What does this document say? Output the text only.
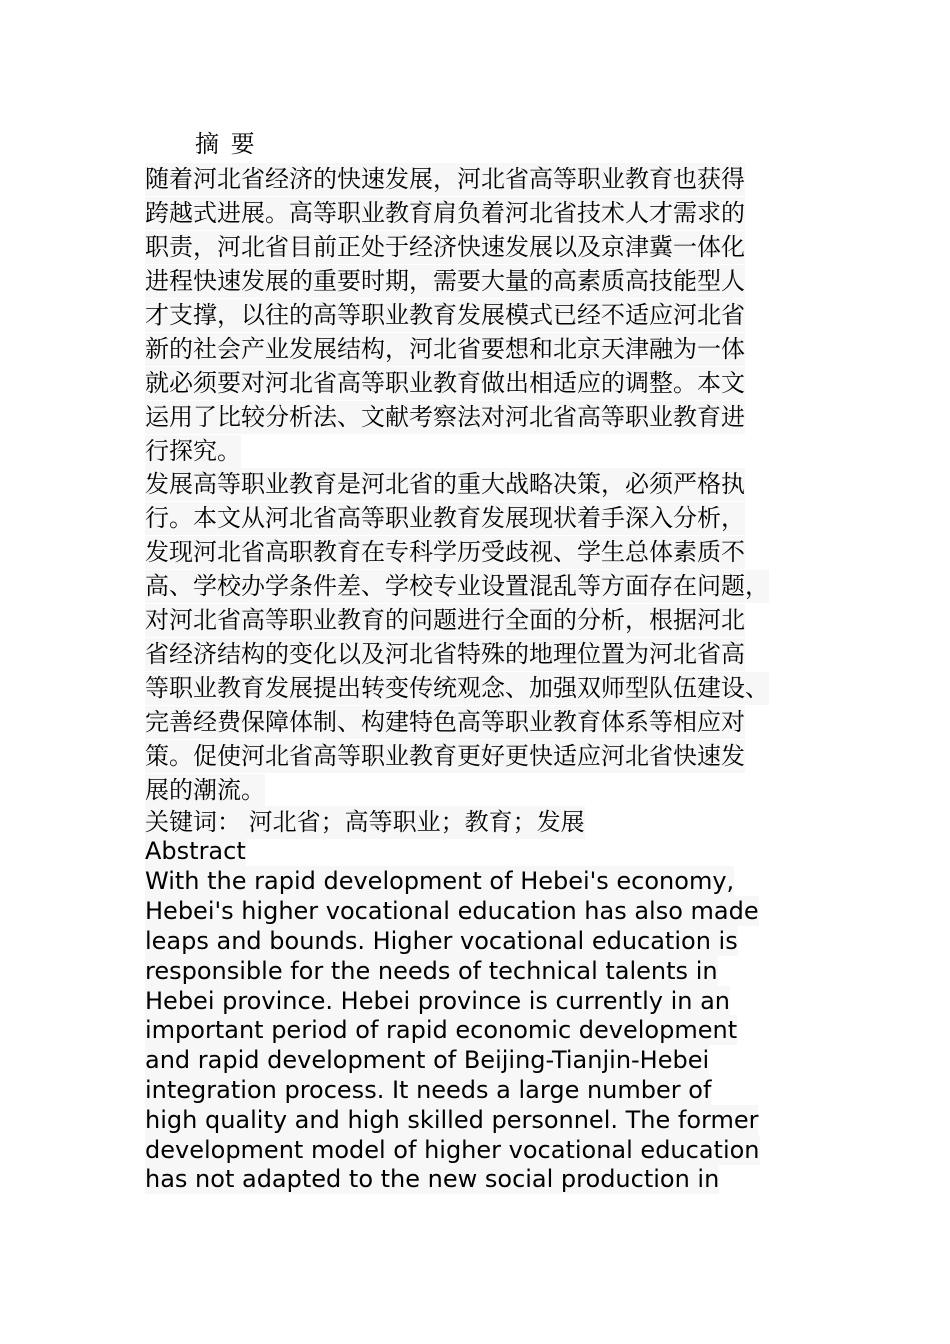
摘 要
随着河北省经济的快速发展，河北省高等职业教育也获得
跨越式进展。高等职业教育肩负着河北省技术人才需求的
职责，河北省目前正处于经济快速发展以及京津冀一体化
进程快速发展的重要时期，需要大量的高素质高技能型人
才支撑，以往的高等职业教育发展模式已经不适应河北省
新的社会产业发展结构，河北省要想和北京天津融为一体
就必须要对河北省高等职业教育做出相适应的调整。本文
运用了比较分析法、文献考察法对河北省高等职业教育进
行探究。
发展高等职业教育是河北省的重大战略决策，必须严格执
行。本文从河北省高等职业教育发展现状着手深入分析，
发现河北省高职教育在专科学历受歧视、学生总体素质不
高、学校办学条件差、学校专业设置混乱等方面存在问题，
对河北省高等职业教育的问题进行全面的分析，根据河北
省经济结构的变化以及河北省特殊的地理位置为河北省高
等职业教育发展提出转变传统观念、加强双师型队伍建设、
完善经费保障体制、构建特色高等职业教育体系等相应对
策。促使河北省高等职业教育更好更快适应河北省快速发
展的潮流。
关键词： 河北省；高等职业；教育；发展
Abstract
With the rapid development of Hebei's economy,
Hebei's higher vocational education has also made
leaps and bounds. Higher vocational education is
responsible for the needs of technical talents in
Hebei province. Hebei province is currently in an
important period of rapid economic development
and rapid development of Beijing-Tianjin-Hebei
integration process. It needs a large number of
high quality and high skilled personnel. The former
development model of higher vocational education
has not adapted to the new social production in
